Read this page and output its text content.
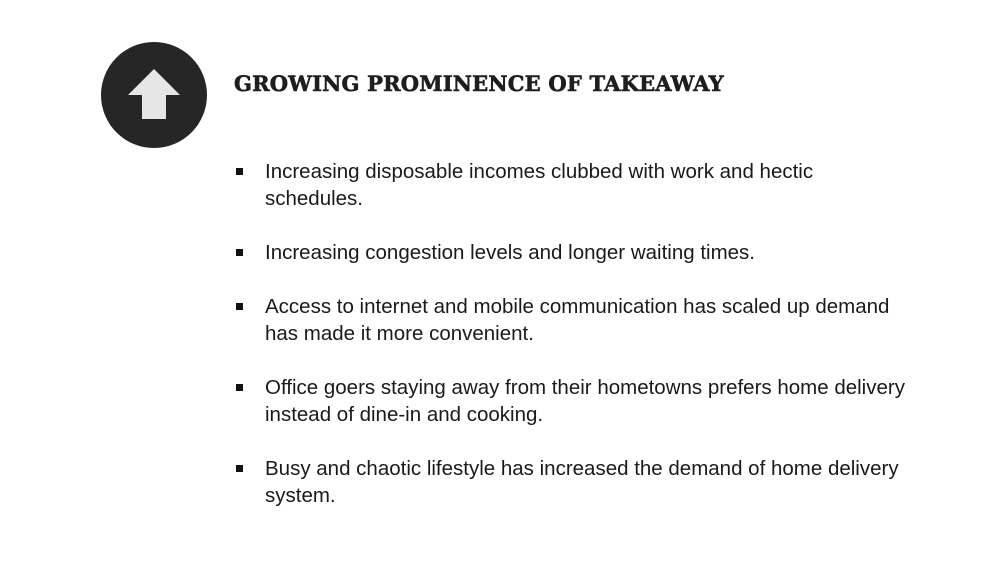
GROWING PROMINENCE OF TAKEAWAY
Increasing disposable incomes clubbed with work and hectic schedules.
Increasing congestion levels and longer waiting times.
Access to internet and mobile communication has scaled up demand has made it more convenient.
Office goers staying away from their hometowns prefers home delivery instead of dine-in and cooking.
Busy and chaotic lifestyle has increased the demand of home delivery system.
